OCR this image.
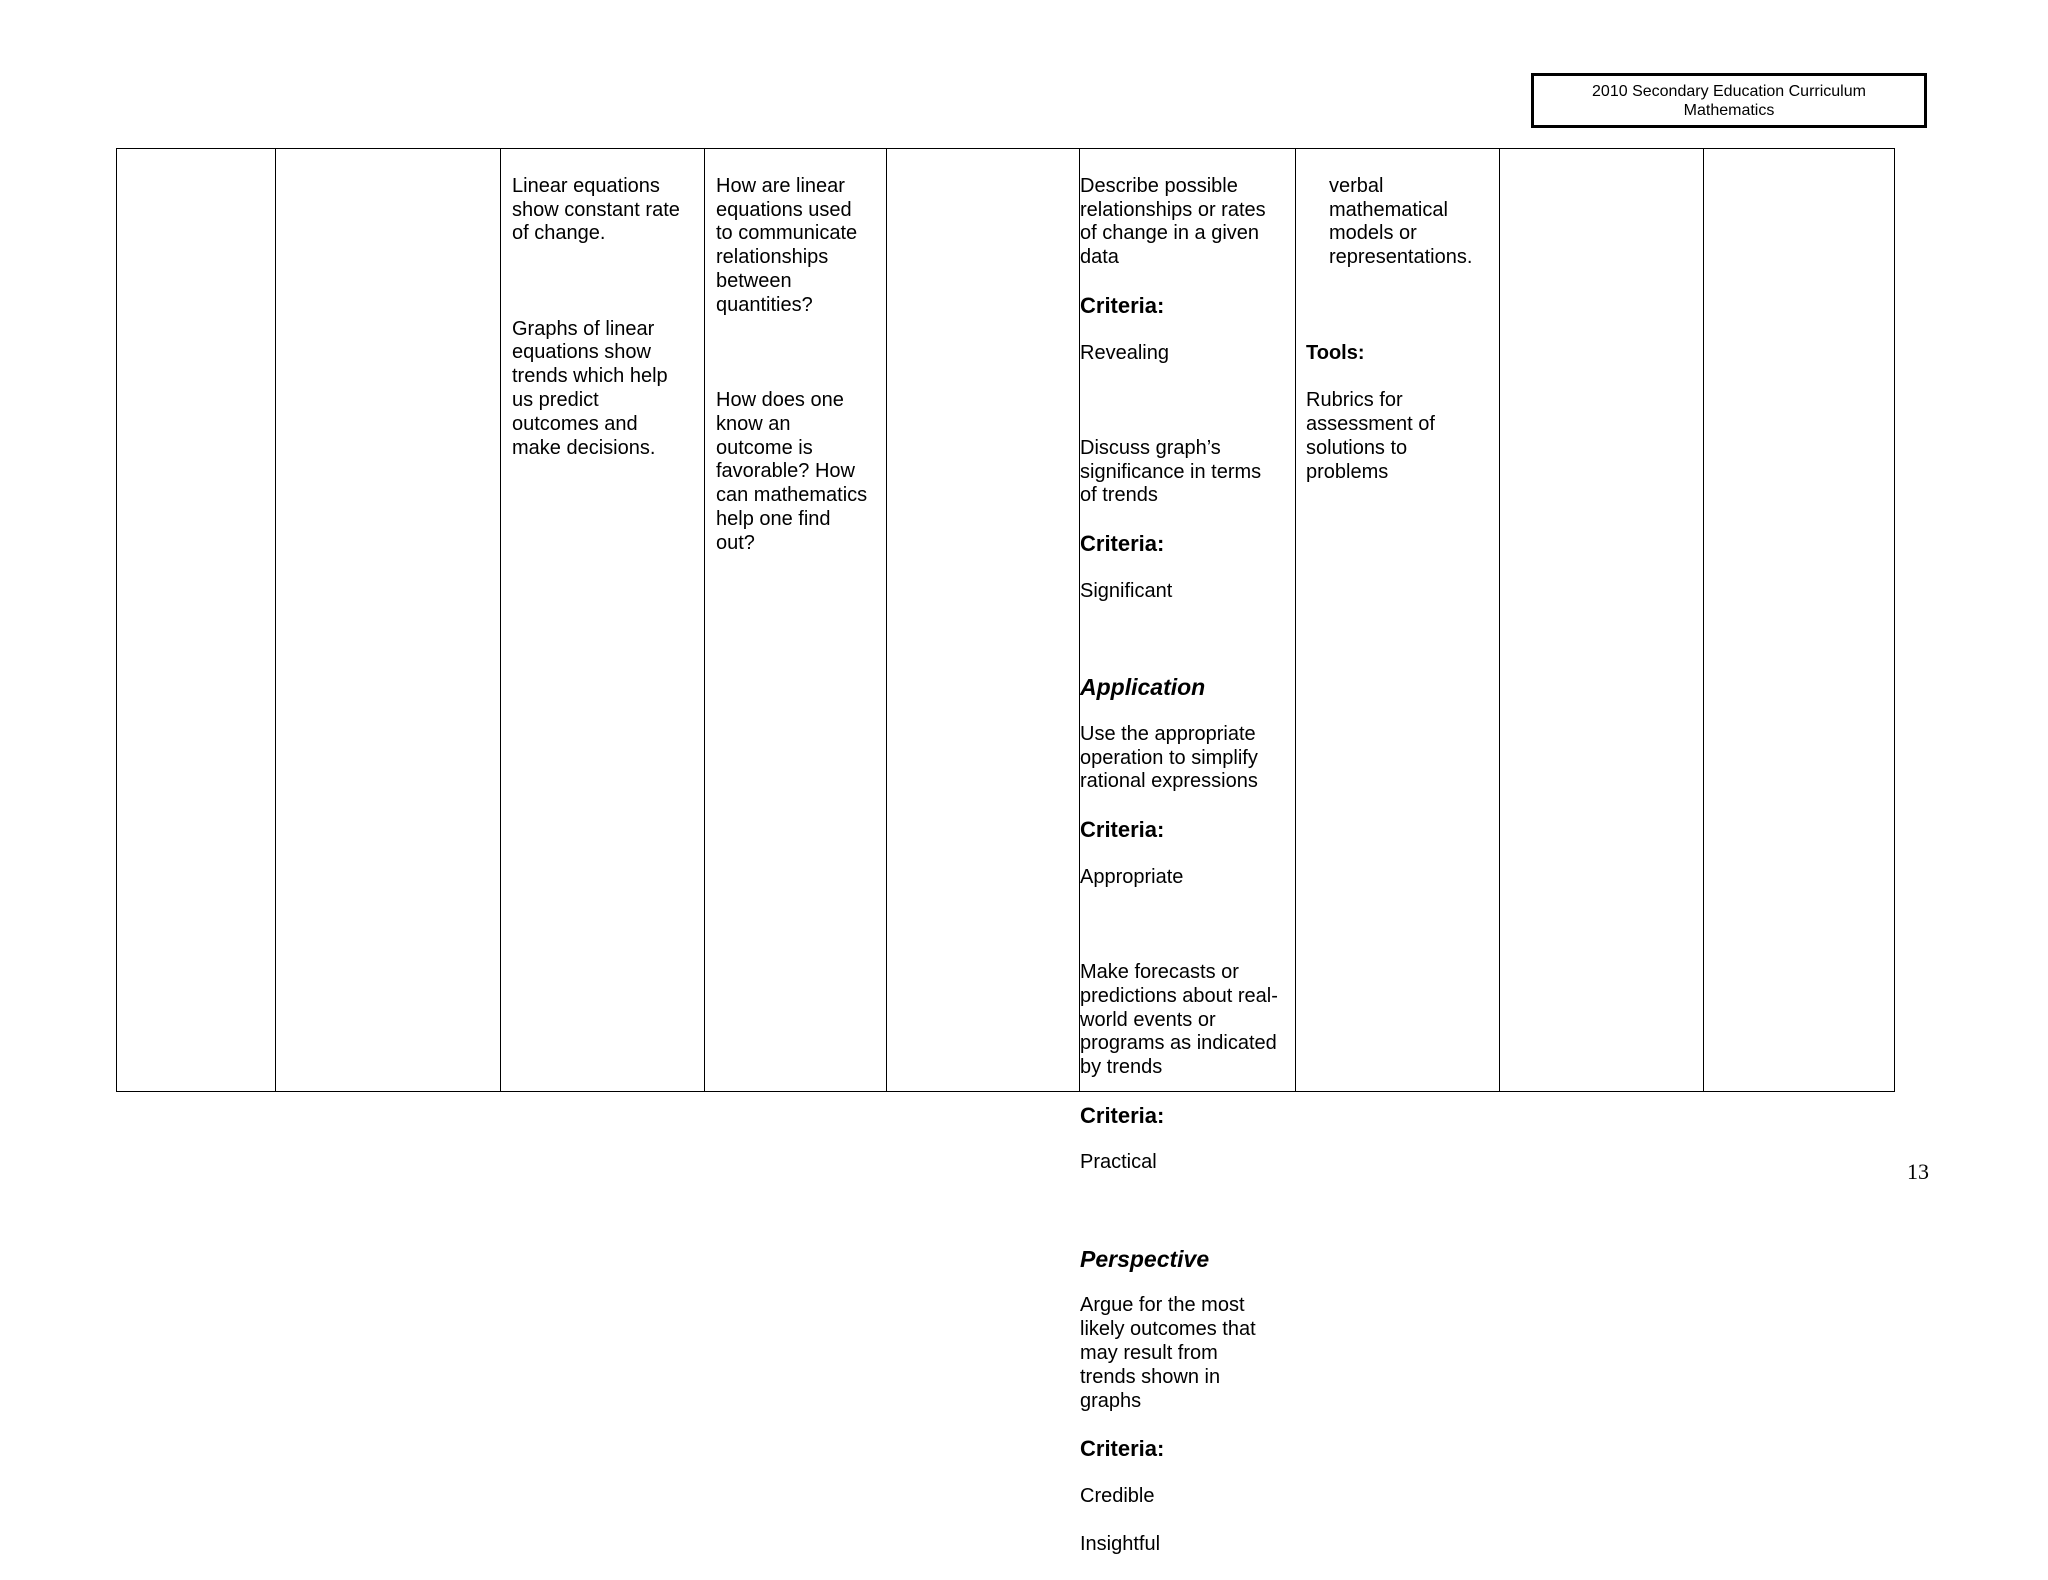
2010 Secondary Education Curriculum
Mathematics

Linear equations
show constant rate
of change.

Graphs of linear
equations show
trends which help
us predict
outcomes and
make decisions.

How are linear
equations used
to communicate
relationships
between
quantities?

How does one
know an
outcome is
favorable? How
can mathematics
help one find
out?

Describe possible
relationships or rates
of change in a given
data

Criteria:

Revealing

Discuss graph’s
significance in terms
of trends

Criteria:

Significant

Application

Use the appropriate
operation to simplify
rational expressions

Criteria:

Appropriate

Make forecasts or
predictions about real-
world events or
programs as indicated
by trends

Criteria:

Practical

Perspective

Argue for the most
likely outcomes that
may result from
trends shown in
graphs

Criteria:

Credible

Insightful

verbal
mathematical
models or
representations.

Tools:

Rubrics for
assessment of
solutions to
problems

13
